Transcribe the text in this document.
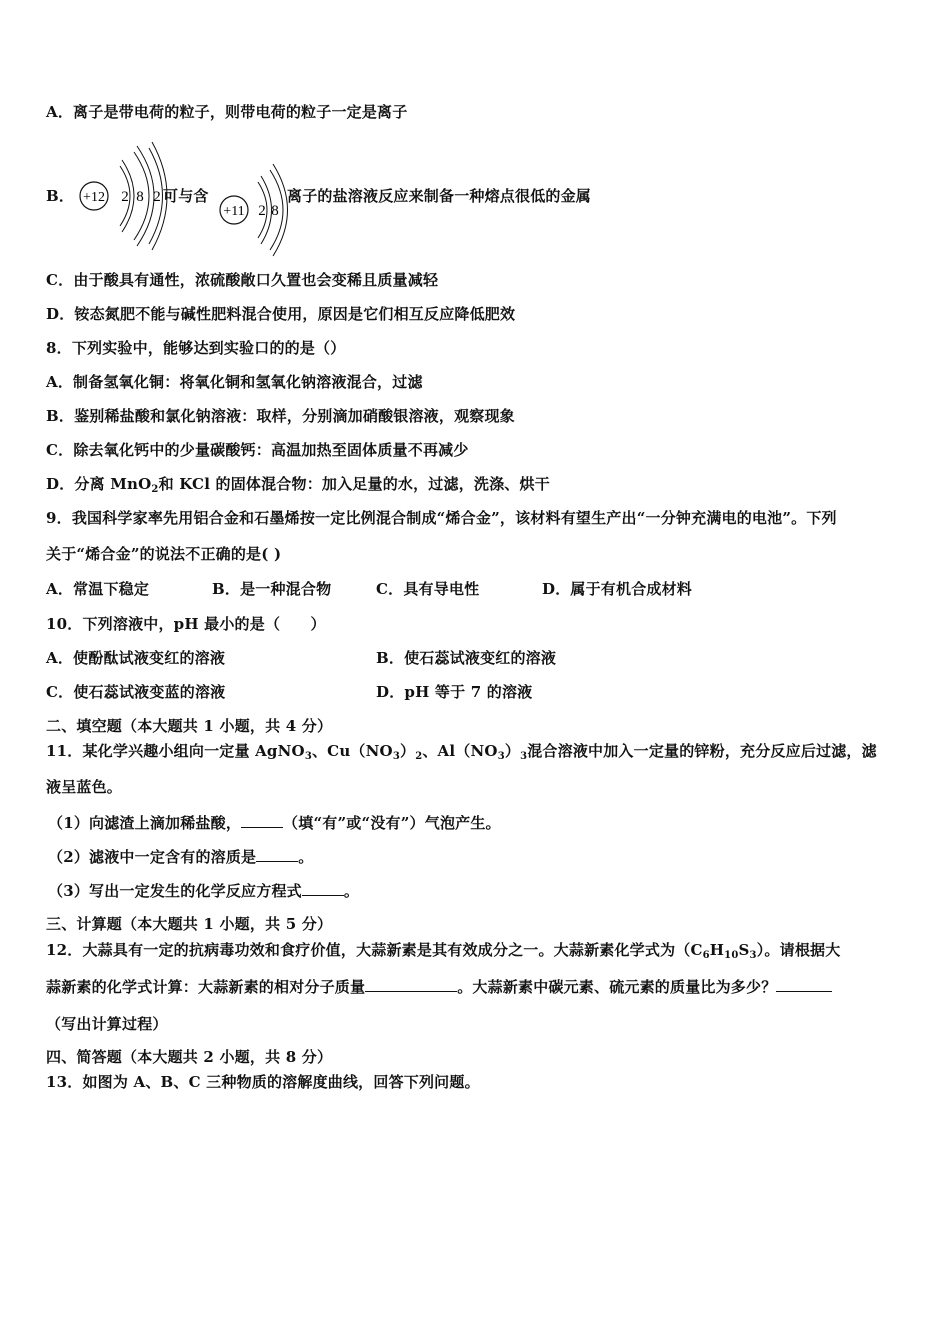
A．离子是带电荷的粒子，则带电荷的粒子一定是离子
B． +12 2 8 2 可与含
+11 2 8
离子的盐溶液反应来制备一种熔点很低的金属
C．由于酸具有通性，浓硫酸敞口久置也会变稀且质量减轻
D．铵态氮肥不能与碱性肥料混合使用，原因是它们相互反应降低肥效
8．下列实验中，能够达到实验口的的是（）
A．制备氢氧化铜：将氧化铜和氢氧化钠溶液混合，过滤
B．鉴别稀盐酸和氯化钠溶液：取样，分别滴加硝酸银溶液，观察现象
C．除去氧化钙中的少量碳酸钙：高温加热至固体质量不再减少
D．分离 MnO$_2$和 KCl 的固体混合物：加入足量的水，过滤，洗涤、烘干
9．我国科学家率先用铝合金和石墨烯按一定比例混合制成“烯合金”，该材料有望生产出“一分钟充满电的电池”。下列
关于“烯合金”的说法不正确的是( )
A．常温下稳定	B．是一种混合物	C．具有导电性	D．属于有机合成材料
10．下列溶液中，pH 最小的是（　　）
A．使酚酞试液变红的溶液	B．使石蕊试液变红的溶液
C．使石蕊试液变蓝的溶液	D．pH 等于 7 的溶液
二、填空题（本大题共 1 小题，共 4 分）
11．某化学兴趣小组向一定量 AgNO$_3$、$Cu(NO_3)_2$、$Al(NO_3)_3$混合溶液中加入一定量的锌粉，充分反应后过滤，滤
液呈蓝色。
（1）向滤渣上滴加稀盐酸，	（填“有”或“没有”）气泡产生。
（2）滤液中一定含有的溶质是	。
（3）写出一定发生的化学反应方程式	。
三、计算题（本大题共 1 小题，共 5 分）
12．大蒜具有一定的抗病毒功效和食疗价值，大蒜新素是其有效成分之一。大蒜新素化学式为$(C_6H_{10}S_3)$。请根据大
蒜新素的化学式计算：大蒜新素的相对分子质量	。大蒜新素中碳元素、硫元素的质量比为多少？
（写出计算过程）
四、简答题（本大题共 2 小题，共 8 分）
13．如图为 A、B、C 三种物质的溶解度曲线，回答下列问题。
